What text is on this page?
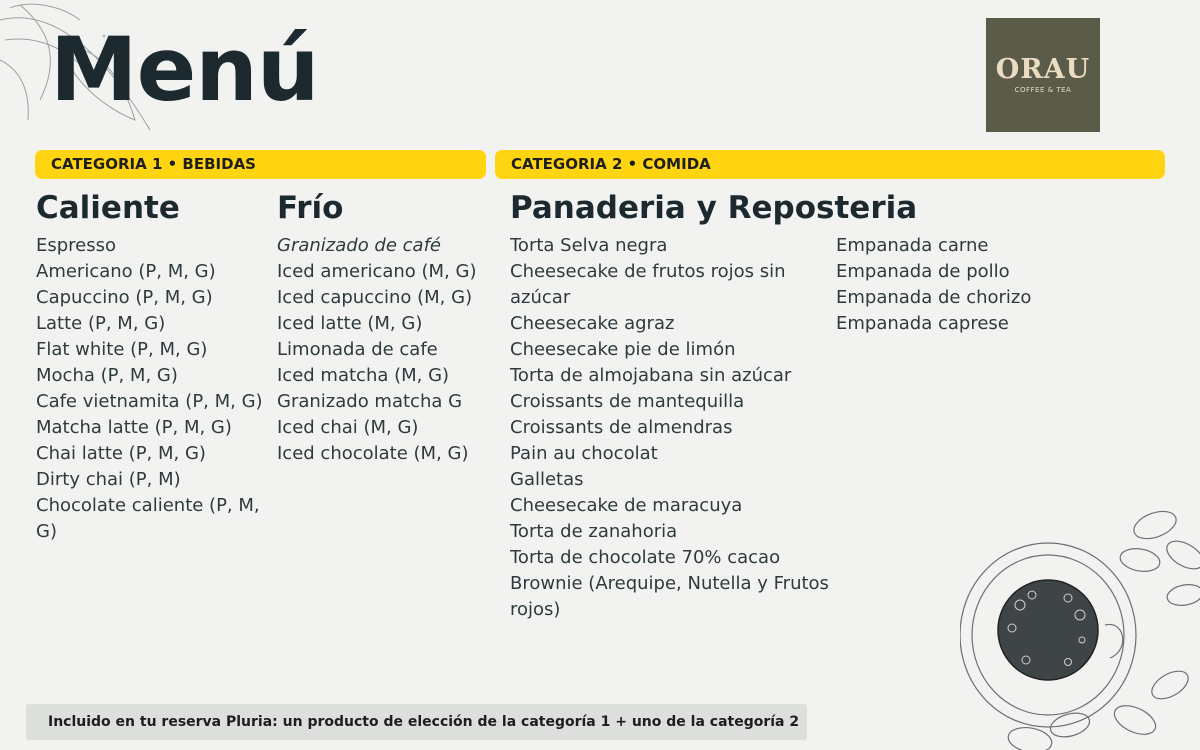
Menú	ORAU
COFFEE & TEA
CATEGORIA 1 • BEBIDAS	CATEGORIA 2 • COMIDA
Caliente
Espresso
Americano (P, M, G)
Capuccino (P, M, G)
Latte (P, M, G)
Flat white (P, M, G)
Mocha (P, M, G)
Cafe vietnamita (P, M, G)
Matcha latte (P, M, G)
Chai latte (P, M, G)
Dirty chai (P, M)
Chocolate caliente (P, M, G)
Frío
Granizado de café
Iced americano (M, G)
Iced capuccino (M, G)
Iced latte (M, G)
Limonada de cafe
Iced matcha (M, G)
Granizado matcha G
Iced chai (M, G)
Iced chocolate (M, G)
Panaderia y Reposteria
Torta Selva negra
Cheesecake de frutos rojos sin azúcar
Cheesecake agraz
Cheesecake pie de limón
Torta de almojabana sin azúcar
Croissants de mantequilla
Croissants de almendras
Pain au chocolat
Galletas
Cheesecake de maracuya
Torta de zanahoria
Torta de chocolate 70% cacao
Brownie (Arequipe, Nutella y Frutos rojos)
Empanada carne
Empanada de pollo
Empanada de chorizo
Empanada caprese
Incluido en tu reserva Pluria: un producto de elección de la categoría 1 + uno de la categoría 2
